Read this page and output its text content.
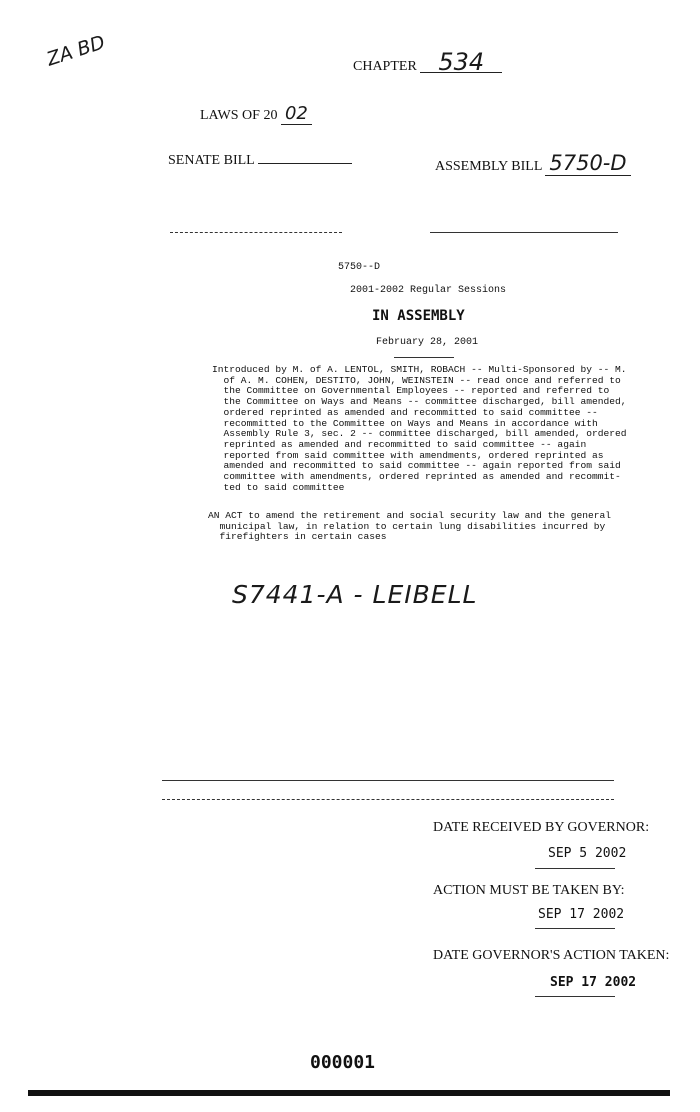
ZA BD	CHAPTER 534
LAWS OF 20 02
SENATE BILL	ASSEMBLY BILL 5750-D
5750--D
2001-2002 Regular Sessions
IN ASSEMBLY
February 28, 2001
Introduced by M. of A. LENTOL, SMITH, ROBACH -- Multi-Sponsored by -- M.
of A. M. COHEN, DESTITO, JOHN, WEINSTEIN -- read once and referred to
the Committee on Governmental Employees -- reported and referred to
the Committee on Ways and Means -- committee discharged, bill amended,
ordered reprinted as amended and recommitted to said committee --
recommitted to the Committee on Ways and Means in accordance with
Assembly Rule 3, sec. 2 -- committee discharged, bill amended, ordered
reprinted as amended and recommitted to said committee -- again
reported from said committee with amendments, ordered reprinted as
amended and recommitted to said committee -- again reported from said
committee with amendments, ordered reprinted as amended and recommit-
ted to said committee
AN ACT to amend the retirement and social security law and the general
municipal law, in relation to certain lung disabilities incurred by
firefighters in certain cases
S7441-A - LEIBELL
DATE RECEIVED BY GOVERNOR:
SEP 5 2002
ACTION MUST BE TAKEN BY:
SEP 17 2002
DATE GOVERNOR'S ACTION TAKEN:
SEP 17 2002
000001
